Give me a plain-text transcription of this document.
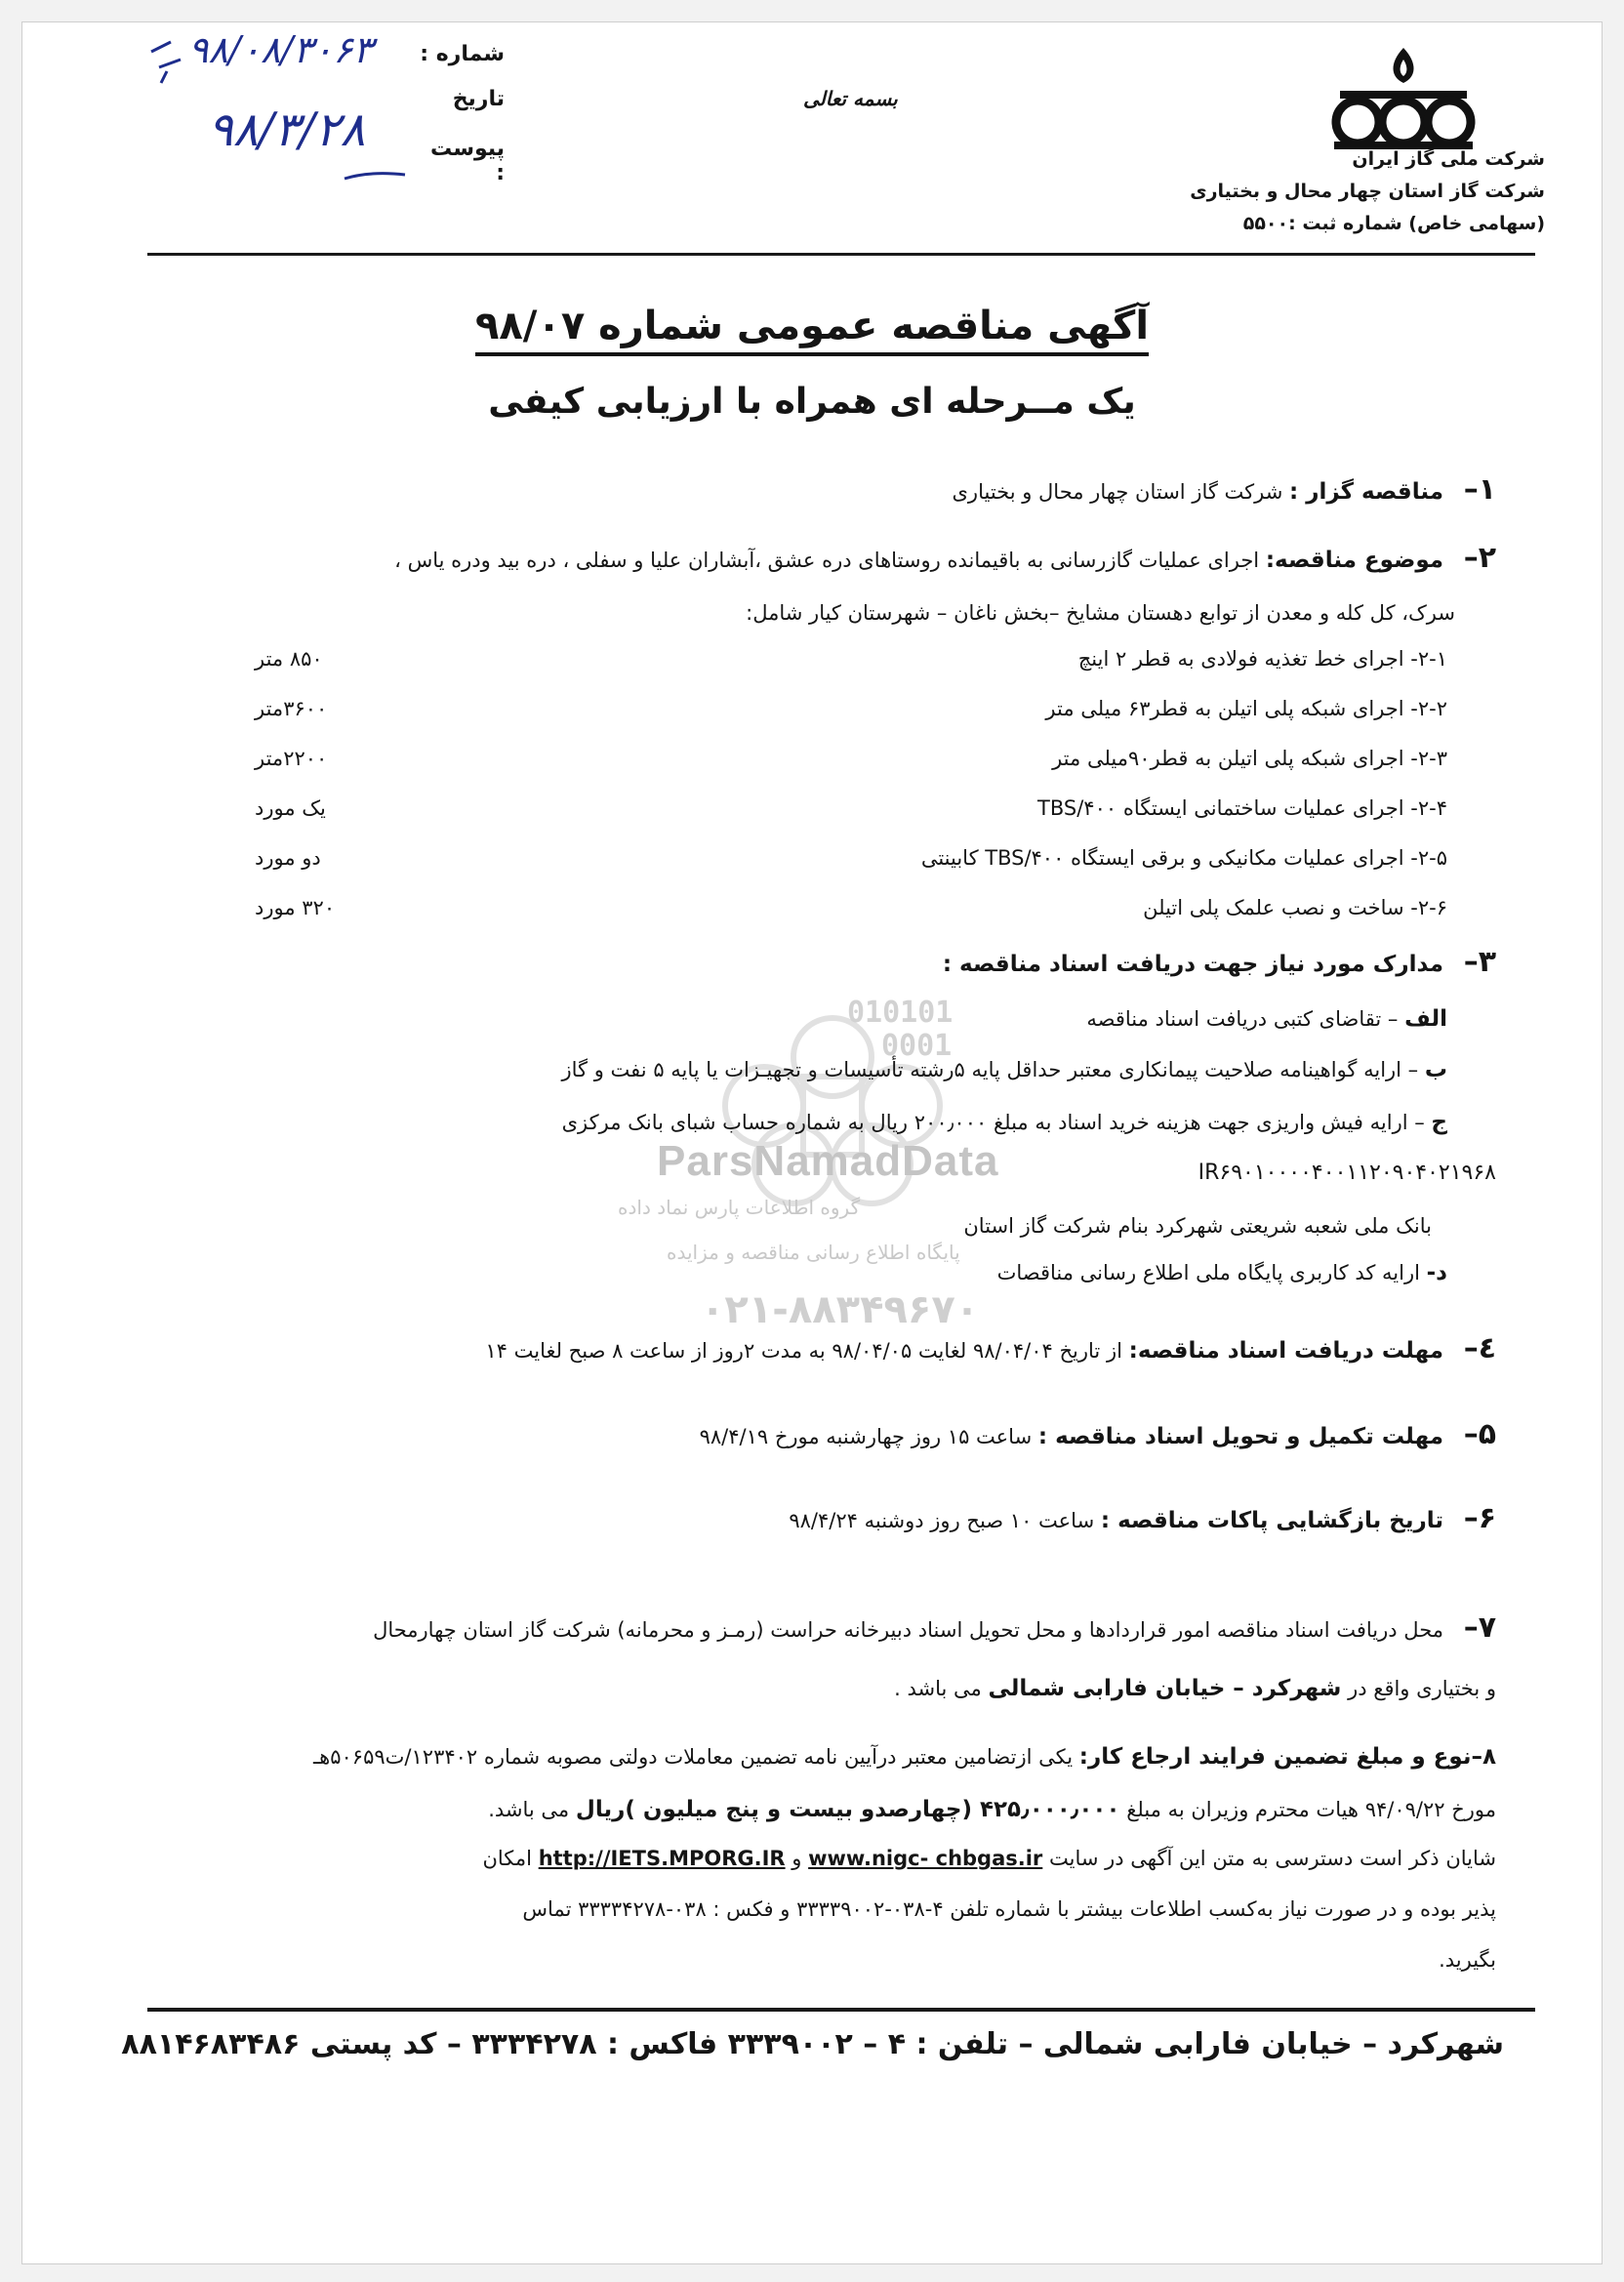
شماره :
تاریخ
پیوست :
۹۸/۰۸/۳۰۶۳
۹۸/۳/۲۸
بسمه تعالی
شرکت ملی گاز ایران
شرکت گاز استان چهار محال و بختیاری
(سهامی خاص) شماره ثبت :۵۵۰۰
010101
0001
ParsNamadData
گروه اطلاعات پارس نماد داده
پایگاه اطلاع رسانی مناقصه و مزایده
۰۲۱-۸۸۳۴۹۶۷۰
آگهی مناقصه عمومی شماره ۹۸/۰۷
یک مــرحله ای همراه با ارزیابی کیفی
۱– مناقصه گزار : شرکت گاز استان چهار محال و بختیاری
۲– موضوع مناقصه: اجرای عملیات گازرسانی به باقیمانده روستاهای دره عشق ،آبشاران علیا و سفلی ، دره بید ودره یاس ،
سرک، کل کله و معدن از توابع دهستان مشایخ –بخش ناغان – شهرستان کیار شامل:
۲-۱- اجرای خط تغذیه فولادی به قطر ۲ اینچ
۸۵۰ متر
۲-۲- اجرای شبکه پلی اتیلن به قطر۶۳ میلی متر
۳۶۰۰متر
۲-۳- اجرای شبکه پلی اتیلن به قطر۹۰میلی متر
۲۲۰۰متر
۲-۴- اجرای عملیات ساختمانی ایستگاه TBS/۴۰۰
یک مورد
۲-۵- اجرای عملیات مکانیکی و برقی ایستگاه TBS/۴۰۰ کابینتی
دو مورد
۲-۶- ساخت و نصب علمک پلی اتیلن
۳۲۰ مورد
۳– مدارک مورد نیاز جهت دریافت اسناد مناقصه :
الف – تقاضای کتبی دریافت اسناد مناقصه
ب – ارایه گواهینامه صلاحیت پیمانکاری معتبر حداقل پایه ۵رشته تأسیسات و تجهیـزات یا پایه ۵ نفت و گاز
ج – ارایه فیش واریزی جهت هزینه خرید اسناد به مبلغ ۲۰۰٫۰۰۰ ریال به شماره حساب شبای بانک مرکزی
IR۶۹۰۱۰۰۰۰۴۰۰۱۱۲۰۹۰۴۰۲۱۹۶۸
بانک ملی شعبه شریعتی شهرکرد بنام شرکت گاز استان
د- ارایه کد کاربری پایگاه ملی اطلاع رسانی مناقصات
٤– مهلت دریافت اسناد مناقصه: از تاریخ ۹۸/۰۴/۰۴ لغایت ۹۸/۰۴/۰۵ به مدت ۲روز از ساعت ۸ صبح لغایت ۱۴
۵– مهلت تکمیل و تحویل اسناد مناقصه : ساعت ۱۵ روز چهارشنبه مورخ ۹۸/۴/۱۹
۶– تاریخ بازگشایی پاکات مناقصه : ساعت ۱۰ صبح روز دوشنبه ۹۸/۴/۲۴
۷– محل دریافت اسناد مناقصه امور قراردادها و محل تحویل اسناد دبیرخانه حراست (رمـز و محرمانه) شرکت گاز استان چهارمحال
و بختیاری واقع در شهرکرد – خیابان فارابی شمالی می باشد .
۸–نوع و مبلغ تضمین فرایند ارجاع کار: یکی ازتضامین معتبر درآیین نامه تضمین معاملات دولتی مصوبه شماره ۱۲۳۴۰۲/ت۵۰۶۵۹هـ
مورخ ۹۴/۰۹/۲۲ هیات محترم وزیران به مبلغ ۴۲۵٫۰۰۰٫۰۰۰ (چهارصدو بیست و پنج میلیون )ریال می باشد.
شایان ذکر است دسترسی به متن این آگهی در سایت www.nigc- chbgas.ir و http://IETS.MPORG.IR امکان
پذیر بوده و در صورت نیاز به‌کسب اطلاعات بیشتر با شماره تلفن ۴-۰۳۸-۳۳۳۳۹۰۰۲ و فکس : ۰۳۸-۳۳۳۳۴۲۷۸ تماس
بگیرید.
شهرکرد – خیابان فارابی شمالی – تلفن : ۴ – ۳۳۳۹۰۰۲ فاکس : ۳۳۳۴۲۷۸ – کد پستی ۸۸۱۴۶۸۳۴۸۶
